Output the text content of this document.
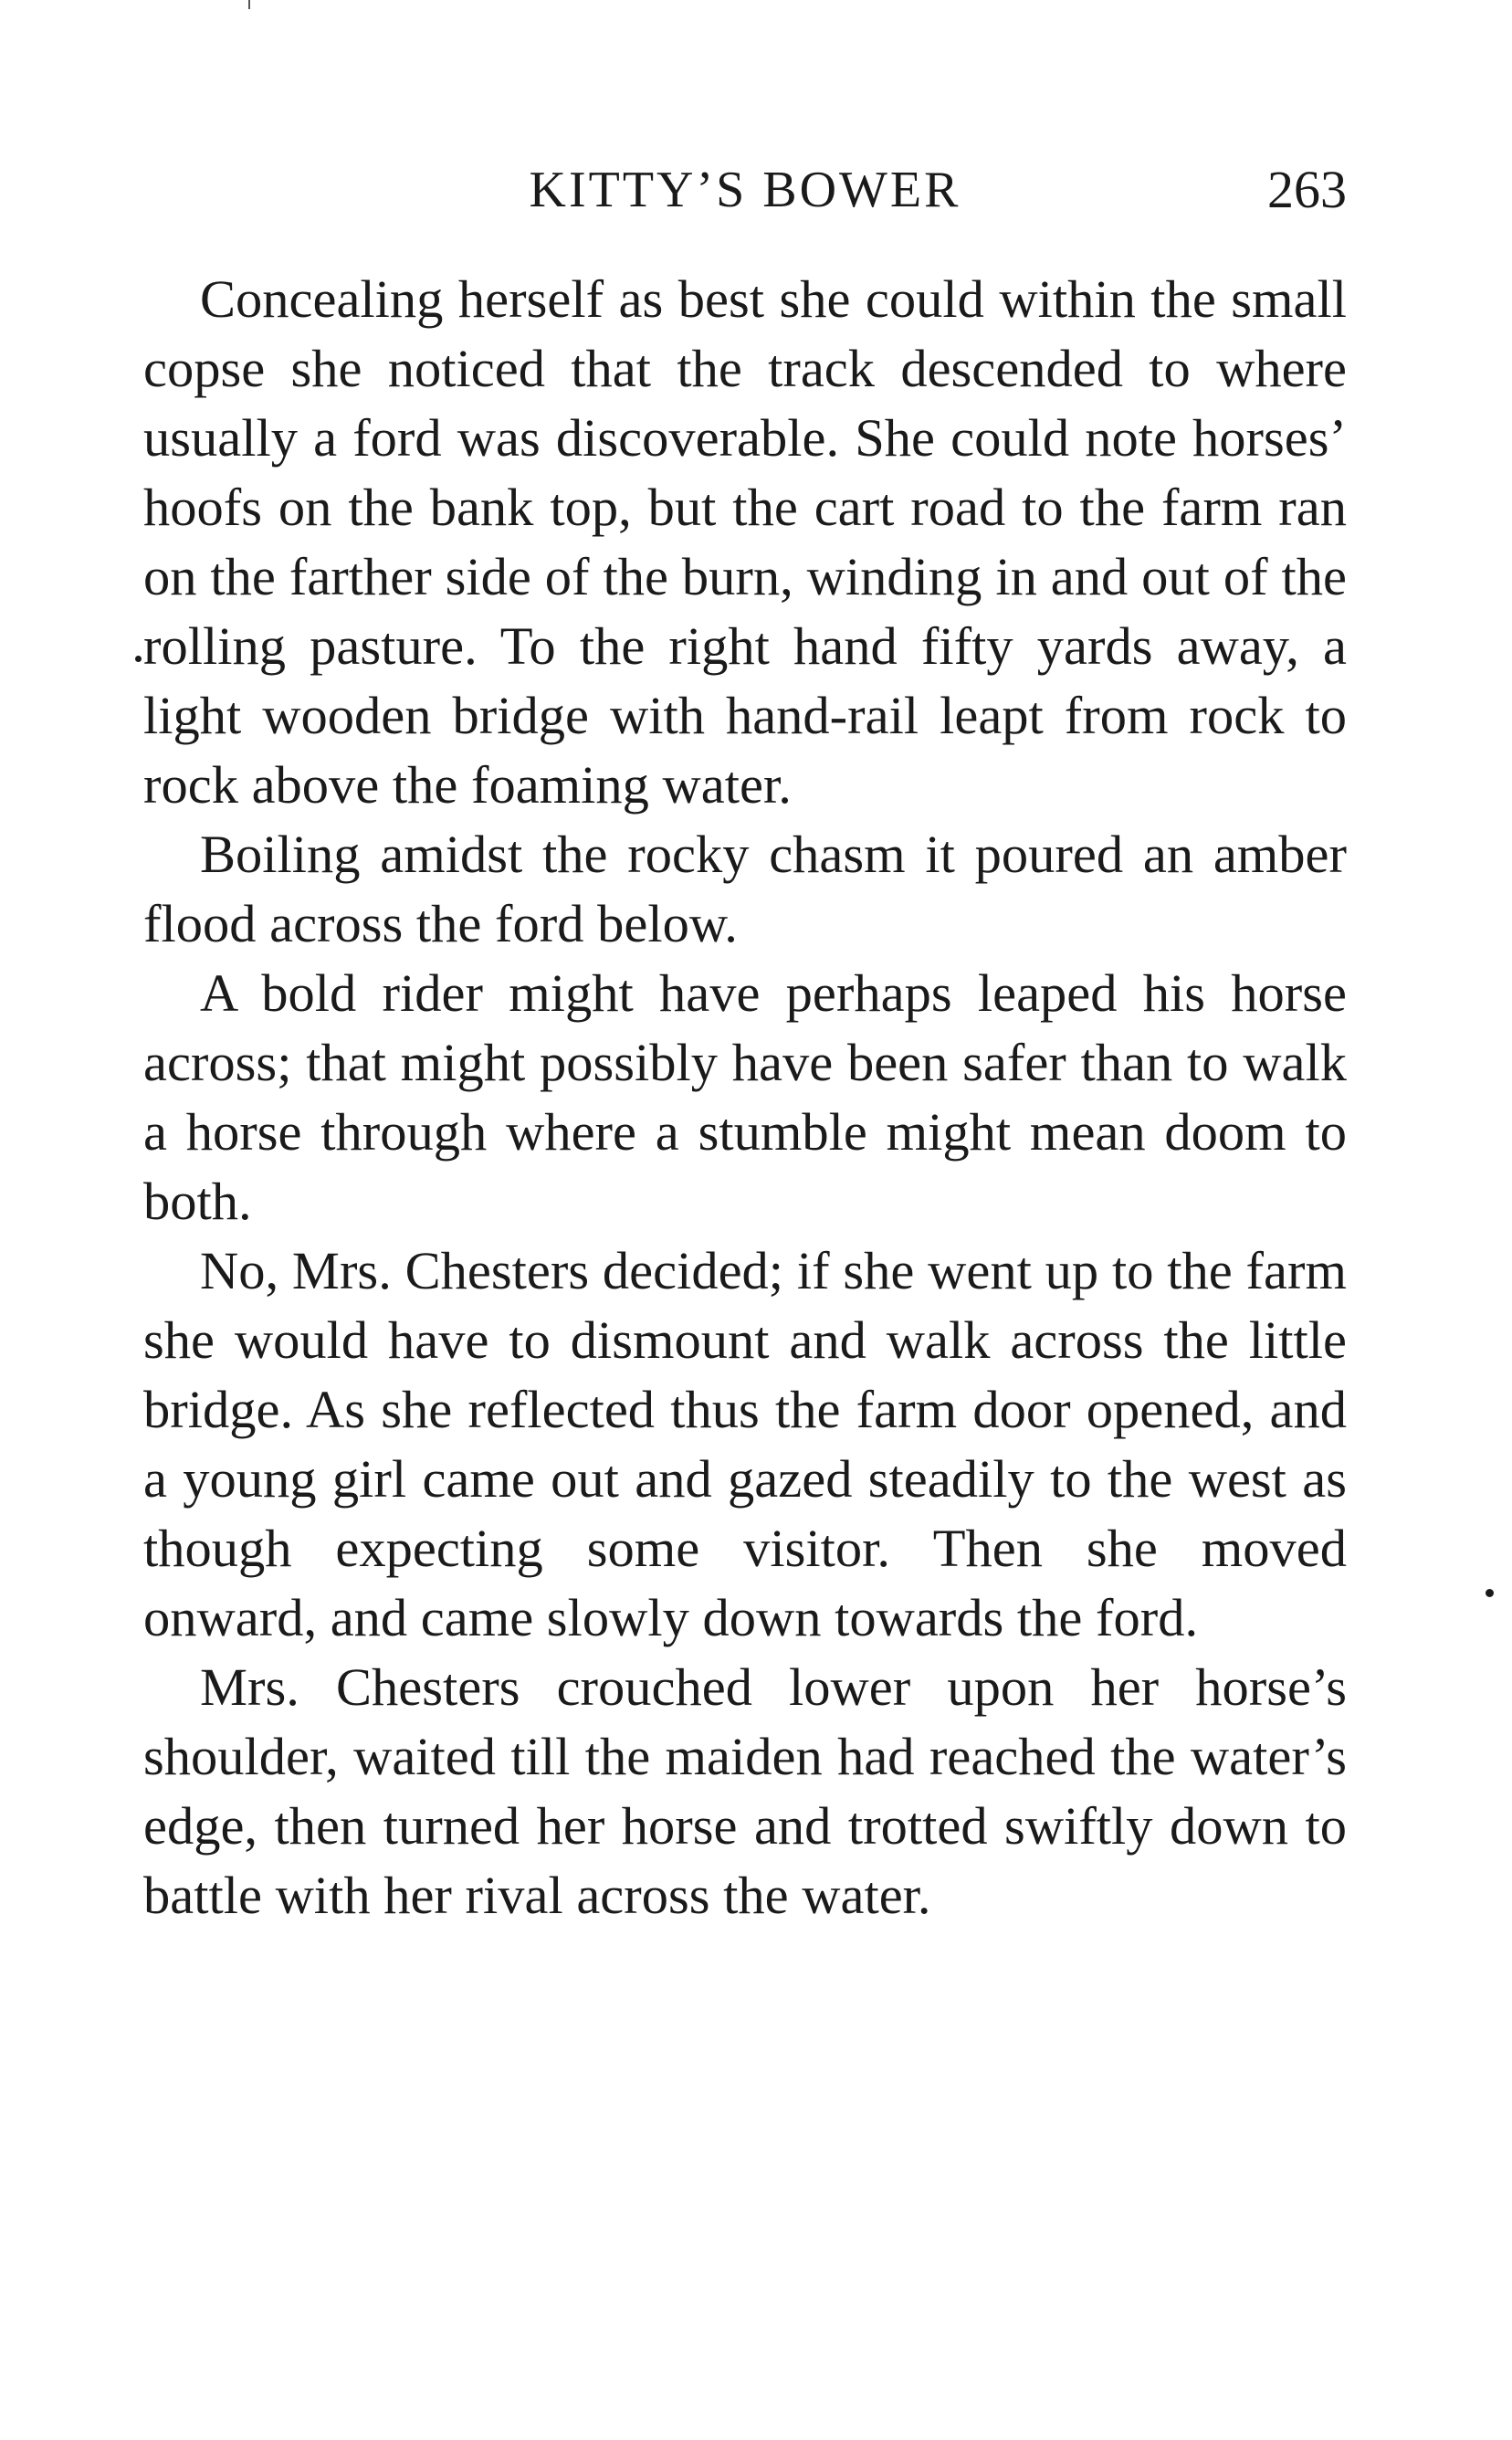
KITTY’S BOWER	263

Concealing herself as best she could within the small copse she noticed that the track descended to where usually a ford was discoverable. She could note horses’ hoofs on the bank top, but the cart road to the farm ran on the farther side of the burn, winding in and out of the rolling pasture. To the right hand fifty yards away, a light wooden bridge with hand-rail leapt from rock to rock above the foaming water.

Boiling amidst the rocky chasm it poured an amber flood across the ford below.

A bold rider might have perhaps leaped his horse across; that might possibly have been safer than to walk a horse through where a stumble might mean doom to both.

No, Mrs. Chesters decided; if she went up to the farm she would have to dismount and walk across the little bridge. As she reflected thus the farm door opened, and a young girl came out and gazed steadily to the west as though expecting some visitor. Then she moved onward, and came slowly down towards the ford.

Mrs. Chesters crouched lower upon her horse’s shoulder, waited till the maiden had reached the water’s edge, then turned her horse and trotted swiftly down to battle with her rival across the water.
